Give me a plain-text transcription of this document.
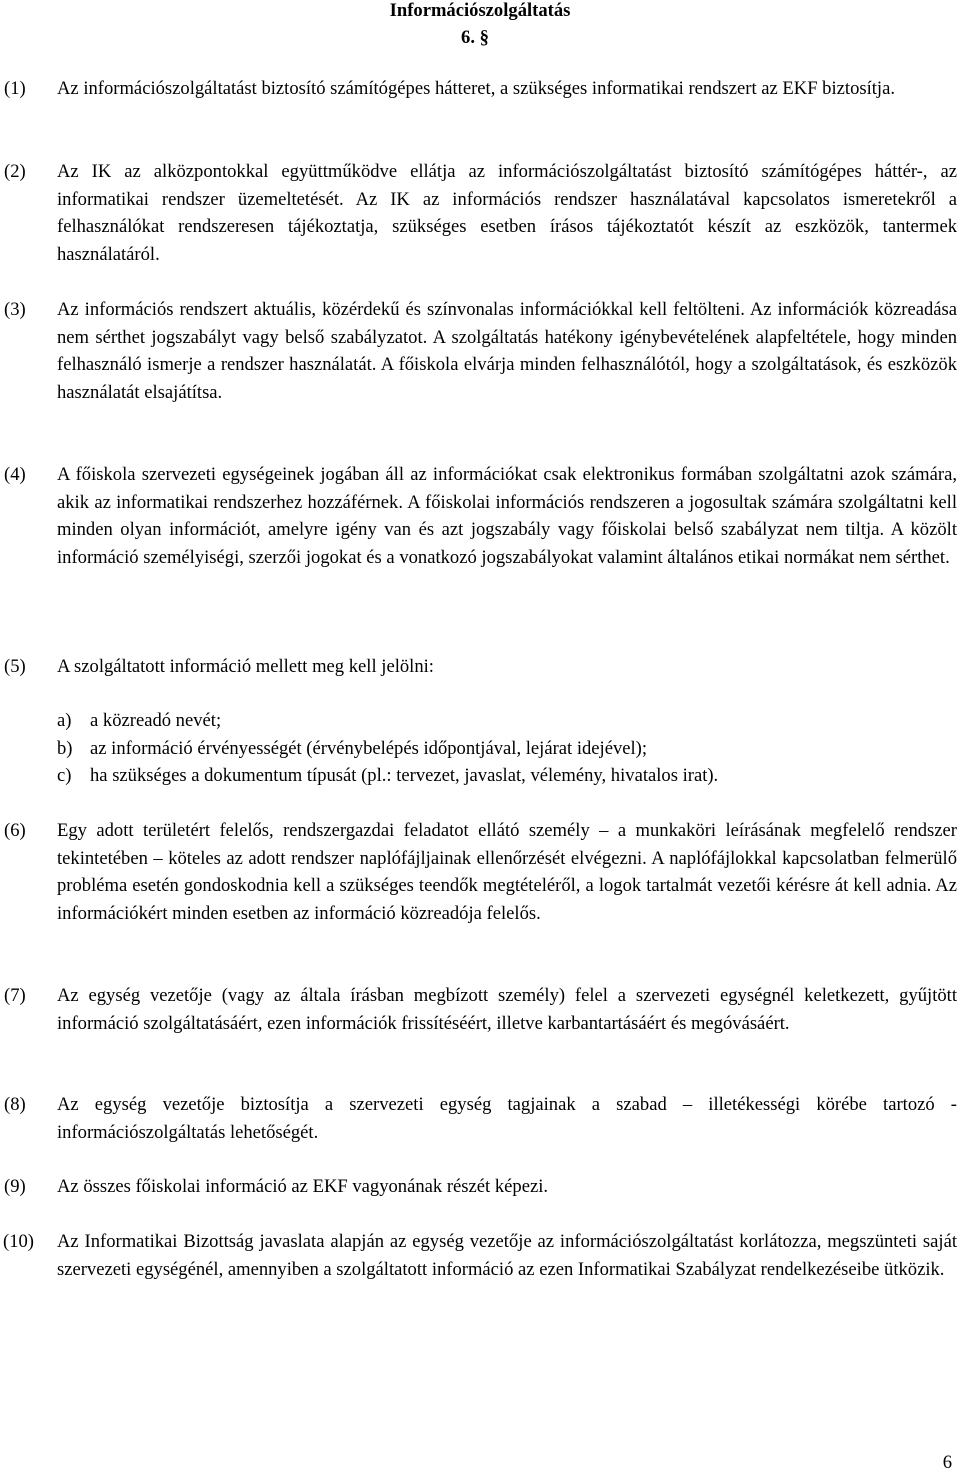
Információszolgáltatás
6. §
(1) Az információszolgáltatást biztosító számítógépes hátteret, a szükséges informatikai rendszert az EKF biztosítja.
(2) Az IK az alközpontokkal együttműködve ellátja az információszolgáltatást biztosító számítógépes háttér-, az informatikai rendszer üzemeltetését. Az IK az információs rendszer használatával kapcsolatos ismeretekről a felhasználókat rendszeresen tájékoztatja, szükséges esetben írásos tájékoztatót készít az eszközök, tantermek használatáról.
(3) Az információs rendszert aktuális, közérdekű és színvonalas információkkal kell feltölteni. Az információk közreadása nem sérthet jogszabályt vagy belső szabályzatot. A szolgáltatás hatékony igénybevételének alapfeltétele, hogy minden felhasználó ismerje a rendszer használatát. A főiskola elvárja minden felhasználótól, hogy a szolgáltatások, és eszközök használatát elsajátítsa.
(4) A főiskola szervezeti egységeinek jogában áll az információkat csak elektronikus formában szolgáltatni azok számára, akik az informatikai rendszerhez hozzáférnek. A főiskolai információs rendszeren a jogosultak számára szolgáltatni kell minden olyan információt, amelyre igény van és azt jogszabály vagy főiskolai belső szabályzat nem tiltja. A közölt információ személyiségi, szerzői jogokat és a vonatkozó jogszabályokat valamint általános etikai normákat nem sérthet.
(5) A szolgáltatott információ mellett meg kell jelölni:
a) a közreadó nevét;
b) az információ érvényességét (érvénybelépés időpontjával, lejárat idejével);
c) ha szükséges a dokumentum típusát (pl.: tervezet, javaslat, vélemény, hivatalos irat).
(6) Egy adott területért felelős, rendszergazdai feladatot ellátó személy – a munkaköri leírásának megfelelő rendszer tekintetében – köteles az adott rendszer naplófájljainak ellenőrzését elvégezni. A naplófájlokkal kapcsolatban felmerülő probléma esetén gondoskodnia kell a szükséges teendők megtételéről, a logok tartalmát vezetői kérésre át kell adnia. Az információkért minden esetben az információ közreadója felelős.
(7) Az egység vezetője (vagy az általa írásban megbízott személy) felel a szervezeti egységnél keletkezett, gyűjtött információ szolgáltatásáért, ezen információk frissítéséért, illetve karbantartásáért és megóvásáért.
(8) Az egység vezetője biztosítja a szervezeti egység tagjainak a szabad – illetékességi körébe tartozó -információszolgáltatás lehetőségét.
(9) Az összes főiskolai információ az EKF vagyonának részét képezi.
(10) Az Informatikai Bizottság javaslata alapján az egység vezetője az információszolgáltatást korlátozza, megszünteti saját szervezeti egységénél, amennyiben a szolgáltatott információ az ezen Informatikai Szabályzat rendelkezéseibe ütközik.
6
